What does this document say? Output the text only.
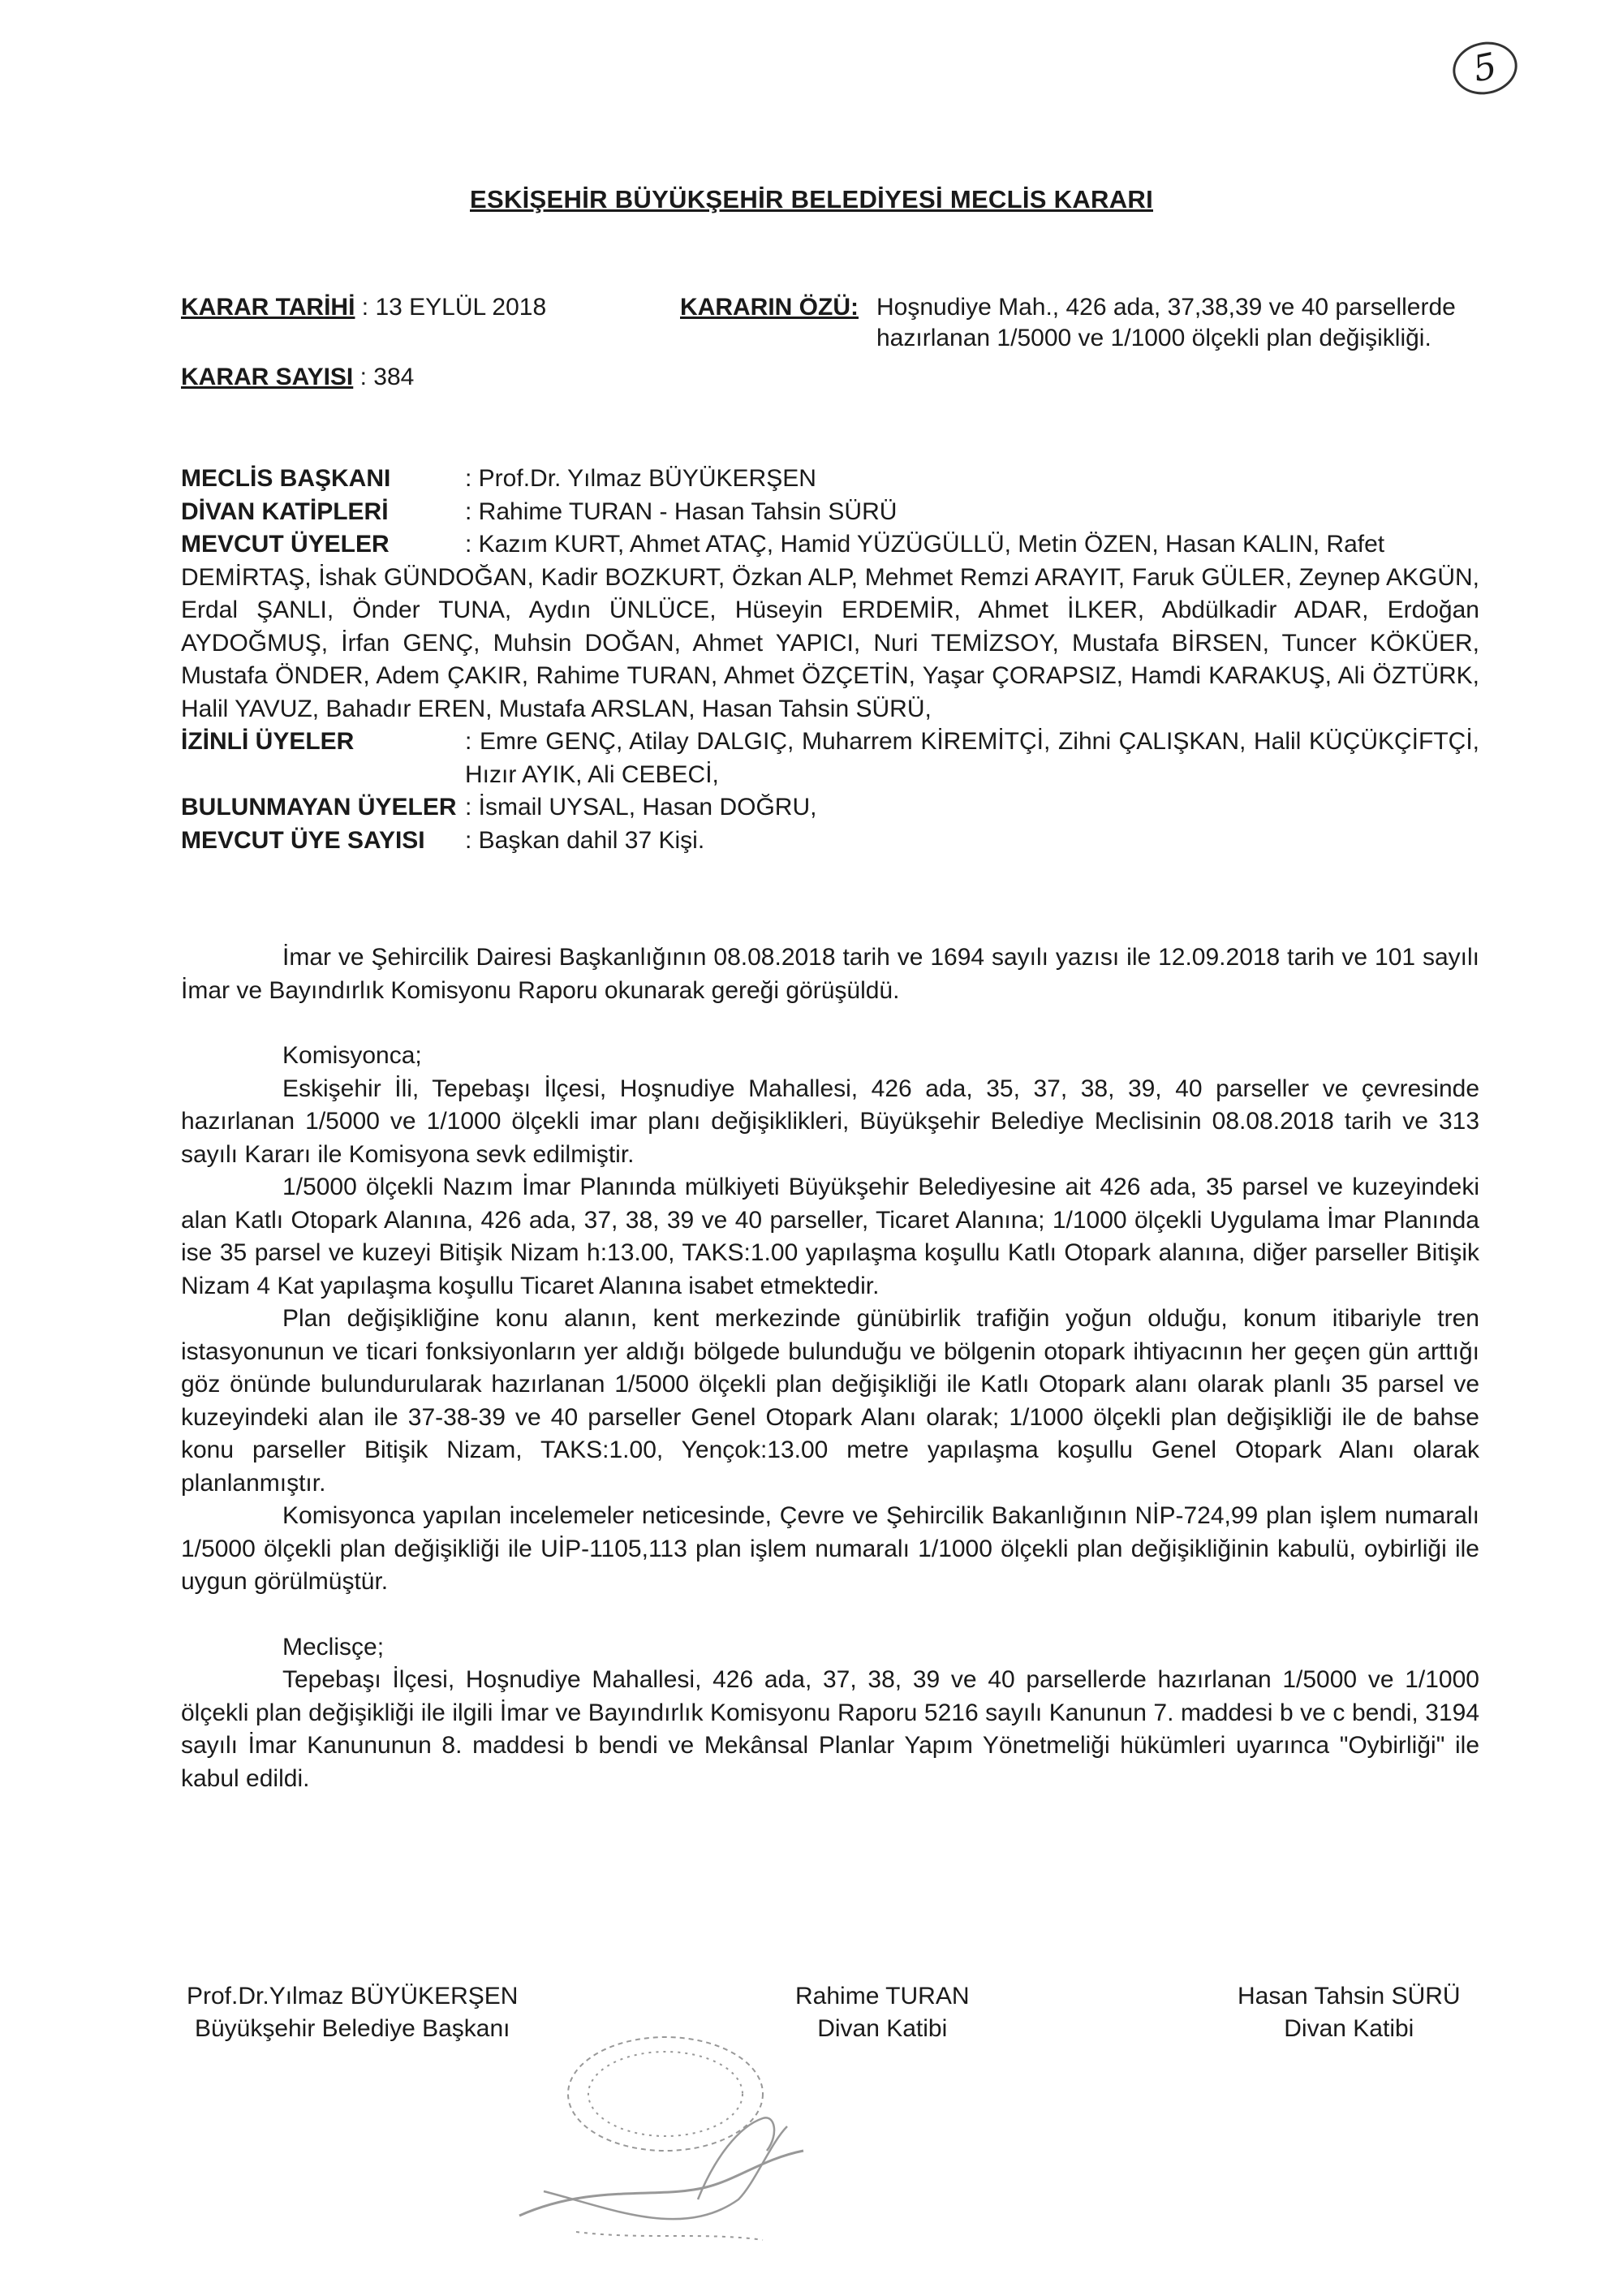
5
ESKİŞEHİR BÜYÜKŞEHİR BELEDİYESİ MECLİS KARARI
KARAR TARİHİ : 13 EYLÜL 2018
KARAR SAYISI : 384
KARARIN ÖZÜ: Hoşnudiye Mah., 426 ada, 37,38,39 ve 40 parsellerde
hazırlanan 1/5000 ve 1/1000 ölçekli plan değişikliği.
MECLİS BAŞKANI	: Prof.Dr. Yılmaz BÜYÜKERŞEN
DİVAN KATİPLERİ	: Rahime TURAN - Hasan Tahsin SÜRÜ
MEVCUT ÜYELER	: Kazım KURT, Ahmet ATAÇ, Hamid YÜZÜGÜLLÜ, Metin ÖZEN, Hasan KALIN, Rafet
DEMİRTAŞ, İshak GÜNDOĞAN, Kadir BOZKURT, Özkan ALP, Mehmet Remzi ARAYIT, Faruk GÜLER, Zeynep AKGÜN, Erdal ŞANLI, Önder TUNA, Aydın ÜNLÜCE, Hüseyin ERDEMİR, Ahmet İLKER, Abdülkadir ADAR, Erdoğan AYDOĞMUŞ, İrfan GENÇ, Muhsin DOĞAN, Ahmet YAPICI, Nuri TEMİZSOY, Mustafa BİRSEN, Tuncer KÖKÜER, Mustafa ÖNDER, Adem ÇAKIR, Rahime TURAN, Ahmet ÖZÇETİN, Yaşar ÇORAPSIZ, Hamdi KARAKUŞ, Ali ÖZTÜRK, Halil YAVUZ, Bahadır EREN, Mustafa ARSLAN, Hasan Tahsin SÜRÜ,
İZİNLİ ÜYELER	: Emre GENÇ, Atilay DALGIÇ, Muharrem KİREMİTÇİ, Zihni ÇALIŞKAN, Halil KÜÇÜKÇİFTÇİ, Hızır AYIK, Ali CEBECİ,
BULUNMAYAN ÜYELER : İsmail UYSAL, Hasan DOĞRU,
MEVCUT ÜYE SAYISI : Başkan dahil 37 Kişi.

İmar ve Şehircilik Dairesi Başkanlığının 08.08.2018 tarih ve 1694 sayılı yazısı ile 12.09.2018 tarih ve 101 sayılı İmar ve Bayındırlık Komisyonu Raporu okunarak gereği görüşüldü.

Komisyonca;

Eskişehir İli, Tepebaşı İlçesi, Hoşnudiye Mahallesi, 426 ada, 35, 37, 38, 39, 40 parseller ve çevresinde hazırlanan 1/5000 ve 1/1000 ölçekli imar planı değişiklikleri, Büyükşehir Belediye Meclisinin 08.08.2018 tarih ve 313 sayılı Kararı ile Komisyona sevk edilmiştir.

1/5000 ölçekli Nazım İmar Planında mülkiyeti Büyükşehir Belediyesine ait 426 ada, 35 parsel ve kuzeyindeki alan Katlı Otopark Alanına, 426 ada, 37, 38, 39 ve 40 parseller, Ticaret Alanına; 1/1000 ölçekli Uygulama İmar Planında ise 35 parsel ve kuzeyi Bitişik Nizam h:13.00, TAKS:1.00 yapılaşma koşullu Katlı Otopark alanına, diğer parseller Bitişik Nizam 4 Kat yapılaşma koşullu Ticaret Alanına isabet etmektedir.

Plan değişikliğine konu alanın, kent merkezinde günübirlik trafiğin yoğun olduğu, konum itibariyle tren istasyonunun ve ticari fonksiyonların yer aldığı bölgede bulunduğu ve bölgenin otopark ihtiyacının her geçen gün arttığı göz önünde bulundurularak hazırlanan 1/5000 ölçekli plan değişikliği ile Katlı Otopark alanı olarak planlı 35 parsel ve kuzeyindeki alan ile 37-38-39 ve 40 parseller Genel Otopark Alanı olarak; 1/1000 ölçekli plan değişikliği ile de bahse konu parseller Bitişik Nizam, TAKS:1.00, Yençok:13.00 metre yapılaşma koşullu Genel Otopark Alanı olarak planlanmıştır.

Komisyonca yapılan incelemeler neticesinde, Çevre ve Şehircilik Bakanlığının NİP-724,99 plan işlem numaralı 1/5000 ölçekli plan değişikliği ile UİP-1105,113 plan işlem numaralı 1/1000 ölçekli plan değişikliğinin kabulü, oybirliği ile uygun görülmüştür.

Meclisçe;

Tepebaşı İlçesi, Hoşnudiye Mahallesi, 426 ada, 37, 38, 39 ve 40 parsellerde hazırlanan 1/5000 ve 1/1000 ölçekli plan değişikliği ile ilgili İmar ve Bayındırlık Komisyonu Raporu 5216 sayılı Kanunun 7. maddesi b ve c bendi, 3194 sayılı İmar Kanununun 8. maddesi b bendi ve Mekânsal Planlar Yapım Yönetmeliği hükümleri uyarınca "Oybirliği" ile kabul edildi.

Prof.Dr.Yılmaz BÜYÜKERŞEN
Büyükşehir Belediye Başkanı
Rahime TURAN
Divan Katibi
Hasan Tahsin SÜRÜ
Divan Katibi
